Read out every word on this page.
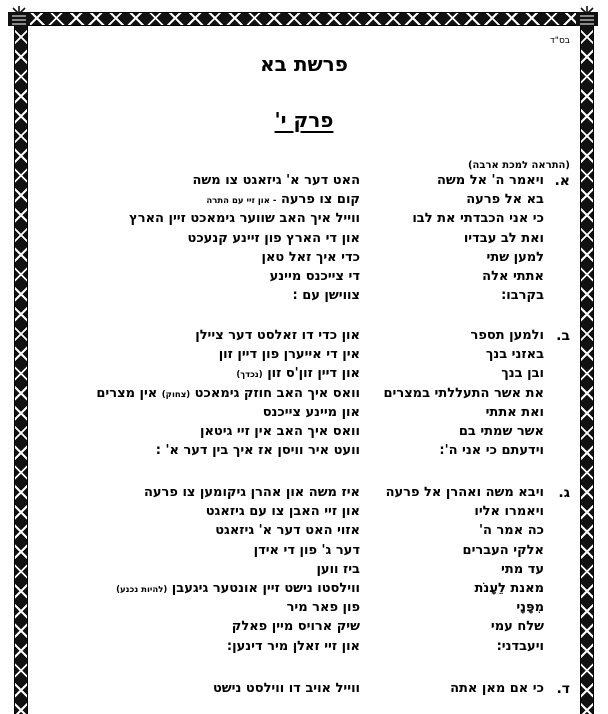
בס"ד
פרשת בא
פרק י'
(התראה למכת ארבה)
א.
ויאמר ה' אל משה
האט דער א' גיזאגט צו משה
בא אל פרעה
קום צו פרעה - און זיי עם התרה
כי אני הכבדתי את לבו
ווייל איך האב שווער גימאכט זיין הארץ
ואת לב עבדיו
און די הארץ פון זיינע קנעכט
למען שתי
כדי איך זאל טאן
אתתי אלה
די צייכנס מיינע
בקרבו:
צווישן עם :
ב.
ולמען תספר
און כדי דו זאלסט דער ציילן
באזני בנך
אין די אייערן פון דיין זון
ובן בנך
און דיין זון'ס זון (נכדך)
את אשר התעללתי במצרים
וואס איך האב חוזק גימאכט (צחוק) אין מצרים
ואת אתתי
און מיינע צייכנס
אשר שמתי בם
וואס איך האב אין זיי גיטאן
וידעתם כי אני ה':
וועט איר וויסן אז איך בין דער א' :
ג.
ויבא משה ואהרן אל פרעה
איז משה און אהרן גיקומען צו פרעה
ויאמרו אליו
און זיי האבן צו עם גיזאגט
כה אמר ה'
אזוי האט דער א' גיזאגט
אלקי העברים
דער ג' פון די אידן
עד מתי
ביז ווען
מאנת לֵעָנֹת
ווילסטו נישט זיין אונטער גיגעבן (להיות נכנע)
מִפָּנָי
פון פאר מיר
שלח עמי
שיק ארויס מיין פאלק
ויעבדני:
און זיי זאלן מיר דינען:
ד.
כי אם מאן אתה
ווייל אויב דו ווילסט נישט
